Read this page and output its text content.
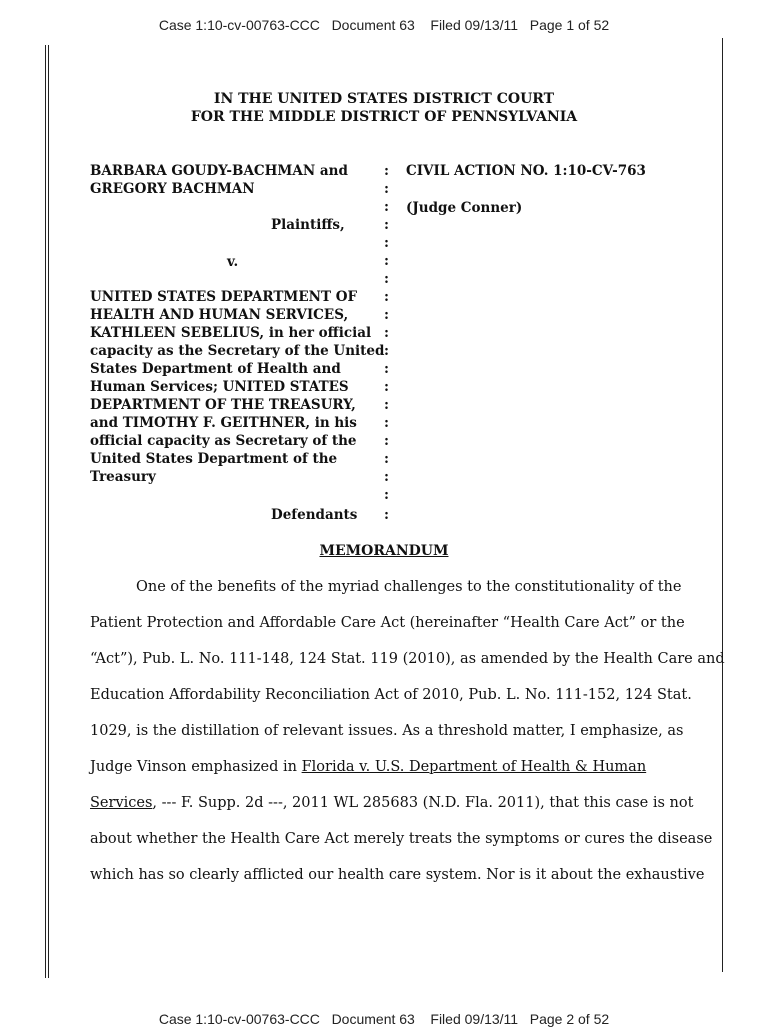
Case 1:10-cv-00763-CCC   Document 63    Filed 09/13/11   Page 1 of 52
IN THE UNITED STATES DISTRICT COURT
FOR THE MIDDLE DISTRICT OF PENNSYLVANIA
BARBARA GOUDY-BACHMAN and
GREGORY BACHMAN
Plaintiffs,
v.
UNITED STATES DEPARTMENT OF
HEALTH AND HUMAN SERVICES,
KATHLEEN SEBELIUS, in her official
capacity as the Secretary of the United
States Department of Health and
Human Services; UNITED STATES
DEPARTMENT OF THE TREASURY,
and TIMOTHY F. GEITHNER, in his
official capacity as Secretary of the
United States Department of the
Treasury
Defendants
:
:
:
:
:
:
:
:
:
:
:
:
:
:
:
:
:
:
:
:
CIVIL ACTION NO. 1:10-CV-763
(Judge Conner)
MEMORANDUM
One of the benefits of the myriad challenges to the constitutionality of the
Patient Protection and Affordable Care Act (hereinafter “Health Care Act” or the
“Act”), Pub. L. No. 111-148, 124 Stat. 119 (2010), as amended by the Health Care and
Education Affordability Reconciliation Act of 2010, Pub. L. No. 111-152, 124 Stat.
1029, is the distillation of relevant issues. As a threshold matter, I emphasize, as
Judge Vinson emphasized in Florida v. U.S. Department of Health & Human
Services, --- F. Supp. 2d ---, 2011 WL 285683 (N.D. Fla. 2011), that this case is not
about whether the Health Care Act merely treats the symptoms or cures the disease
which has so clearly afflicted our health care system. Nor is it about the exhaustive
Case 1:10-cv-00763-CCC   Document 63    Filed 09/13/11   Page 2 of 52
